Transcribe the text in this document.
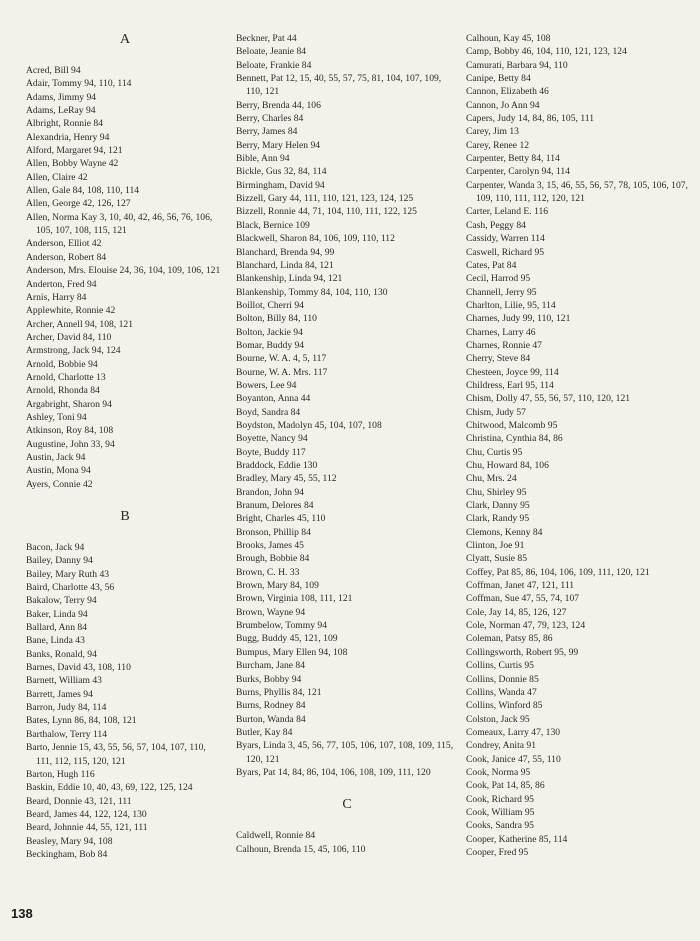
A
Acred, Bill 94
Adair, Tommy 94, 110, 114
Adams, Jimmy 94
Adams, LeRay 94
Albright, Ronnie 84
Alexandria, Henry 94
Alford, Margaret 94, 121
Allen, Bobby Wayne 42
Allen, Claire 42
Allen, Gale 84, 108, 110, 114
Allen, George 42, 126, 127
Allen, Norma Kay 3, 10, 40, 42, 46, 56, 76, 106, 105, 107, 108, 115, 121
Anderson, Elliot 42
Anderson, Robert 84
Anderson, Mrs. Elouise 24, 36, 104, 109, 106, 121
Anderton, Fred 94
Arnis, Harry 84
Applewhite, Ronnie 42
Archer, Annell 94, 108, 121
Archer, David 84, 110
Armstrong, Jack 94, 124
Arnold, Bobbie 94
Arnold, Charlotte 13
Arnold, Rhonda 84
Argabright, Sharon 94
Ashley, Toni 94
Atkinson, Roy 84, 108
Augustine, John 33, 94
Austin, Jack 94
Austin, Mona 94
Ayers, Connie 42
B
Bacon, Jack 94
Bailey, Danny 94
Bailey, Mary Ruth 43
Baird, Charlotte 43, 56
Bakalow, Terry 94
Baker, Linda 94
Ballard, Ann 84
Bane, Linda 43
Banks, Ronald, 94
Barnes, David 43, 108, 110
Barnett, William 43
Barrett, James 94
Barron, Judy 84, 114
Bates, Lynn 86, 84, 108, 121
Barthalow, Terry 114
Barto, Jennie 15, 43, 55, 56, 57, 104, 107, 110, 111, 112, 115, 120, 121
Barton, Hugh 116
Baskin, Eddie 10, 40, 43, 69, 122, 125, 124
Beard, Donnie 43, 121, 111
Beard, James 44, 122, 124, 130
Beard, Johnnie 44, 55, 121, 111
Beasley, Mary 94, 108
Beckingham, Bob 84
Beckner, Pat 44
Beloate, Jeanie 84
Beloate, Frankie 84
Bennett, Pat 12, 15, 40, 55, 57, 75, 81, 104, 107, 109, 110, 121
Berry, Brenda 44, 106
Berry, Charles 84
Berry, James 84
Berry, Mary Helen 94
Bible, Ann 94
Bickle, Gus 32, 84, 114
Birmingham, David 94
Bizzell, Gary 44, 111, 110, 121, 123, 124, 125
Bizzell, Ronnie 44, 71, 104, 110, 111, 122, 125
Black, Bernice 109
Blackwell, Sharon 84, 106, 109, 110, 112
Blanchard, Brenda 94, 99
Blanchard, Linda 84, 121
Blankenship, Linda 94, 121
Blankenship, Tommy 84, 104, 110, 130
Boillot, Cherri 94
Bolton, Billy 84, 110
Bolton, Jackie 94
Bomar, Buddy 94
Bourne, W. A. 4, 5, 117
Bourne, W. A. Mrs. 117
Bowers, Lee 94
Boyanton, Anna 44
Boyd, Sandra 84
Boydston, Madolyn 45, 104, 107, 108
Boyette, Nancy 94
Boyte, Buddy 117
Braddock, Eddie 130
Bradley, Mary 45, 55, 112
Brandon, John 94
Branum, Delores 84
Bright, Charles 45, 110
Bronson, Phillip 84
Brooks, James 45
Brough, Bobbie 84
Brown, C. H. 33
Brown, Mary 84, 109
Brown, Virginia 108, 111, 121
Brown, Wayne 94
Brumbelow, Tommy 94
Bugg, Buddy 45, 121, 109
Bumpus, Mary Ellen 94, 108
Burcham, Jane 84
Burks, Bobby 94
Burns, Phyllis 84, 121
Burns, Rodney 84
Burton, Wanda 84
Butler, Kay 84
Byars, Linda 3, 45, 56, 77, 105, 106, 107, 108, 109, 115, 120, 121
Byars, Pat 14, 84, 86, 104, 106, 108, 109, 111, 120
C
Caldwell, Ronnie 84
Calhoun, Brenda 15, 45, 106, 110
Calhoun, Kay 45, 108
Camp, Bobby 46, 104, 110, 121, 123, 124
Camurati, Barbara 94, 110
Canipe, Betty 84
Cannon, Elizabeth 46
Cannon, Jo Ann 94
Capers, Judy 14, 84, 86, 105, 111
Carey, Jim 13
Carey, Renee 12
Carpenter, Betty 84, 114
Carpenter, Carolyn 94, 114
Carpenter, Wanda 3, 15, 46, 55, 56, 57, 78, 105, 106, 107, 109, 110, 111, 112, 120, 121
Carter, Leland E. 116
Cash, Peggy 84
Cassidy, Warren 114
Caswell, Richard 95
Cates, Pat 84
Cecil, Harrod 95
Channell, Jerry 95
Charlton, Lilie, 95, 114
Charnes, Judy 99, 110, 121
Charnes, Larry 46
Charnes, Ronnie 47
Cherry, Steve 84
Chesteen, Joyce 99, 114
Childress, Earl 95, 114
Chism, Dolly 47, 55, 56, 57, 110, 120, 121
Chism, Judy 57
Chitwood, Malcomb 95
Christina, Cynthia 84, 86
Chu, Curtis 95
Chu, Howard 84, 106
Chu, Mrs. 24
Chu, Shirley 95
Clark, Danny 95
Clark, Randy 95
Clemons, Kenny 84
Clinton, Joe 91
Clyatt, Susie 85
Coffey, Pat 85, 86, 104, 106, 109, 111, 120, 121
Coffman, Janet 47, 121, 111
Coffman, Sue 47, 55, 74, 107
Cole, Jay 14, 85, 126, 127
Cole, Norman 47, 79, 123, 124
Coleman, Patsy 85, 86
Collingsworth, Robert 95, 99
Collins, Curtis 95
Collins, Donnie 85
Collins, Wanda 47
Collins, Winford 85
Colston, Jack 95
Comeaux, Larry 47, 130
Condrey, Anita 91
Cook, Janice 47, 55, 110
Cook, Norma 95
Cook, Pat 14, 85, 86
Cook, Richard 95
Cook, William 95
Cooks, Sandra 95
Cooper, Katherine 85, 114
Cooper, Fred 95
138
